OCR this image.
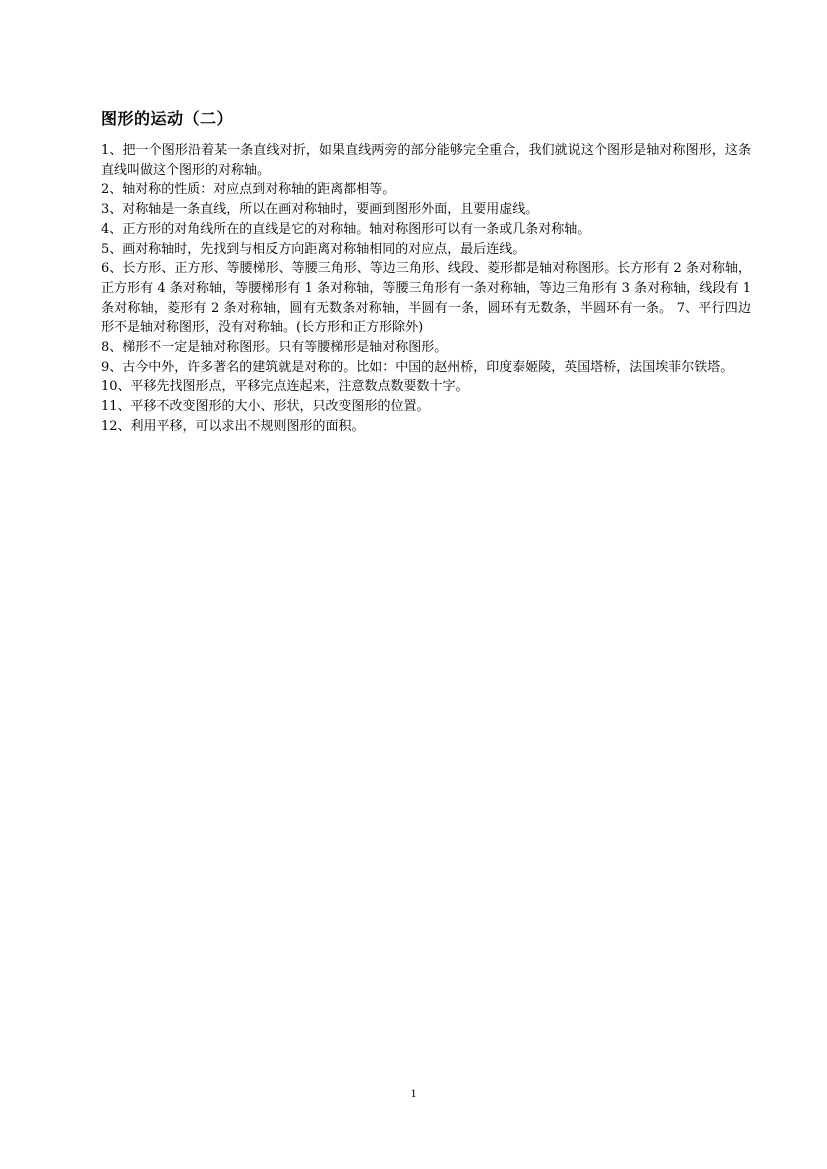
图形的运动（二）

1、把一个图形沿着某一条直线对折，如果直线两旁的部分能够完全重合，我们就说这个图形是轴对称图形，这条直线叫做这个图形的对称轴。

2、轴对称的性质：对应点到对称轴的距离都相等。

3、对称轴是一条直线，所以在画对称轴时，要画到图形外面，且要用虚线。

4、正方形的对角线所在的直线是它的对称轴。轴对称图形可以有一条或几条对称轴。

5、画对称轴时，先找到与相反方向距离对称轴相同的对应点，最后连线。

6、长方形、正方形、等腰梯形、等腰三角形、等边三角形、线段、菱形都是轴对称图形。长方形有 2 条对称轴，正方形有 4 条对称轴，等腰梯形有 1 条对称轴，等腰三角形有一条对称轴，等边三角形有 3 条对称轴，线段有 1 条对称轴，菱形有 2 条对称轴，圆有无数条对称轴，半圆有一条，圆环有无数条，半圆环有一条。 7、平行四边形不是轴对称图形，没有对称轴。(长方形和正方形除外)

8、梯形不一定是轴对称图形。只有等腰梯形是轴对称图形。

9、古今中外，许多著名的建筑就是对称的。比如：中国的赵州桥，印度泰姬陵，英国塔桥，法国埃菲尔铁塔。

10、平移先找图形点，平移完点连起来，注意数点数要数十字。

11、平移不改变图形的大小、形状，只改变图形的位置。

12、利用平移，可以求出不规则图形的面积。

1
